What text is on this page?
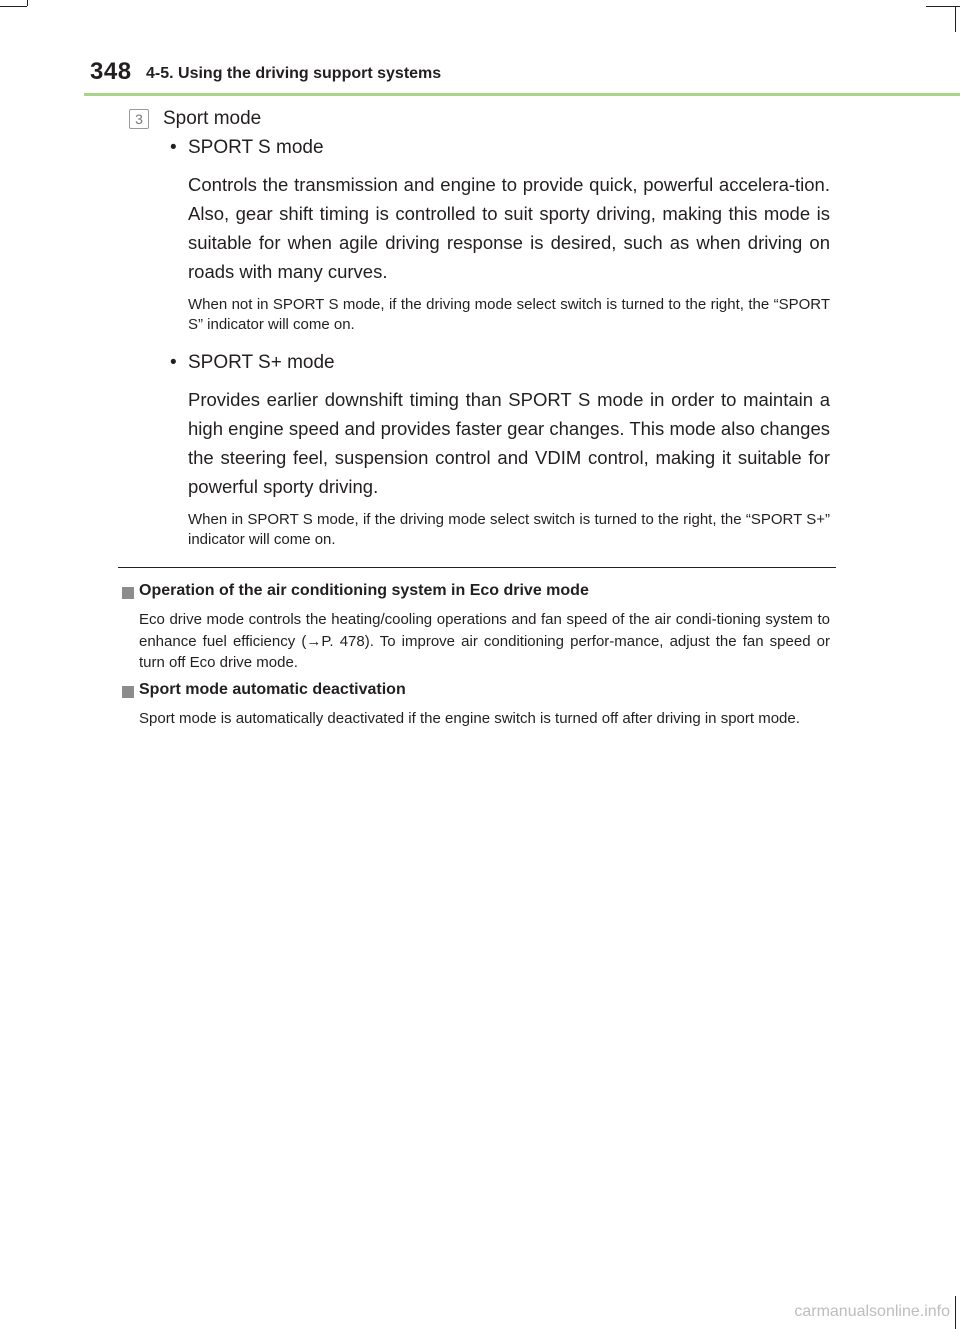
348 4-5. Using the driving support systems
3	Sport mode
• SPORT S mode

Controls the transmission and engine to provide quick, powerful accelera-tion. Also, gear shift timing is controlled to suit sporty driving, making this mode is suitable for when agile driving response is desired, such as when driving on roads with many curves.

When not in SPORT S mode, if the driving mode select switch is turned to the right, the “SPORT S” indicator will come on.

• SPORT S+ mode

Provides earlier downshift timing than SPORT S mode in order to maintain a high engine speed and provides faster gear changes. This mode also changes the steering feel, suspension control and VDIM control, making it suitable for powerful sporty driving.

When in SPORT S mode, if the driving mode select switch is turned to the right, the “SPORT S+” indicator will come on.

Operation of the air conditioning system in Eco drive mode

Eco drive mode controls the heating/cooling operations and fan speed of the air condi-tioning system to enhance fuel efficiency (→P. 478). To improve air conditioning perfor-mance, adjust the fan speed or turn off Eco drive mode.

Sport mode automatic deactivation

Sport mode is automatically deactivated if the engine switch is turned off after driving in sport mode.

carmanualsonline.info
